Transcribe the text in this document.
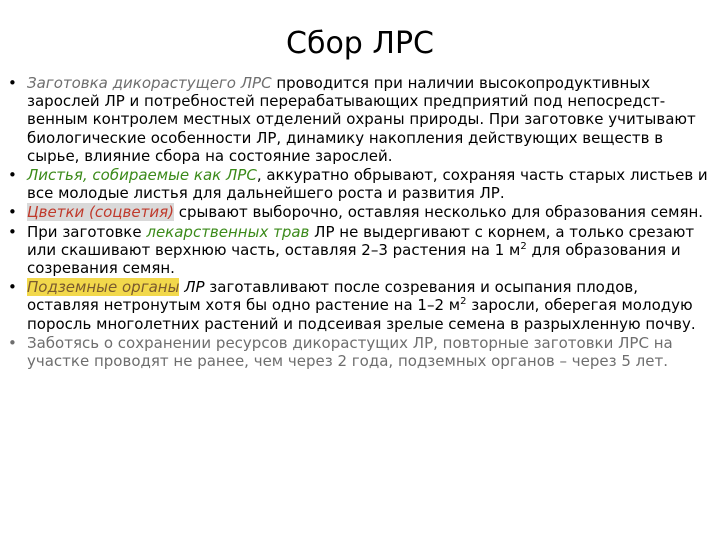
Сбор ЛРС
• Заготовка дикорастущего ЛРС проводится при наличии высокопродуктивных зарослей ЛР и потребностей перерабатывающих предприятий под непосредст-венным контролем местных отделений охраны природы. При заготовке учитывают биологические особенности ЛР, динамику накопления действующих веществ в сырье, влияние сбора на состояние зарослей.
• Листья, собираемые как ЛРС, аккуратно обрывают, сохраняя часть старых листьев и все молодые листья для дальнейшего роста и развития ЛР.
• Цветки (соцветия) срывают выборочно, оставляя несколько для образования семян.
• При заготовке лекарственных трав ЛР не выдергивают с корнем, а только срезают или скашивают верхнюю часть, оставляя 2–3 растения на 1 $м^2$ для образования и созревания семян.
• Подземные органы ЛР заготавливают после созревания и осыпания плодов, оставляя нетронутым хотя бы одно растение на 1–2 $м^2$ заросли, оберегая молодую поросль многолетних растений и подсеивая зрелые семена в разрыхленную почву.
• Заботясь о сохранении ресурсов дикорастущих ЛР, повторные заготовки ЛРС на участке проводят не ранее, чем через 2 года, подземных органов – через 5 лет.
